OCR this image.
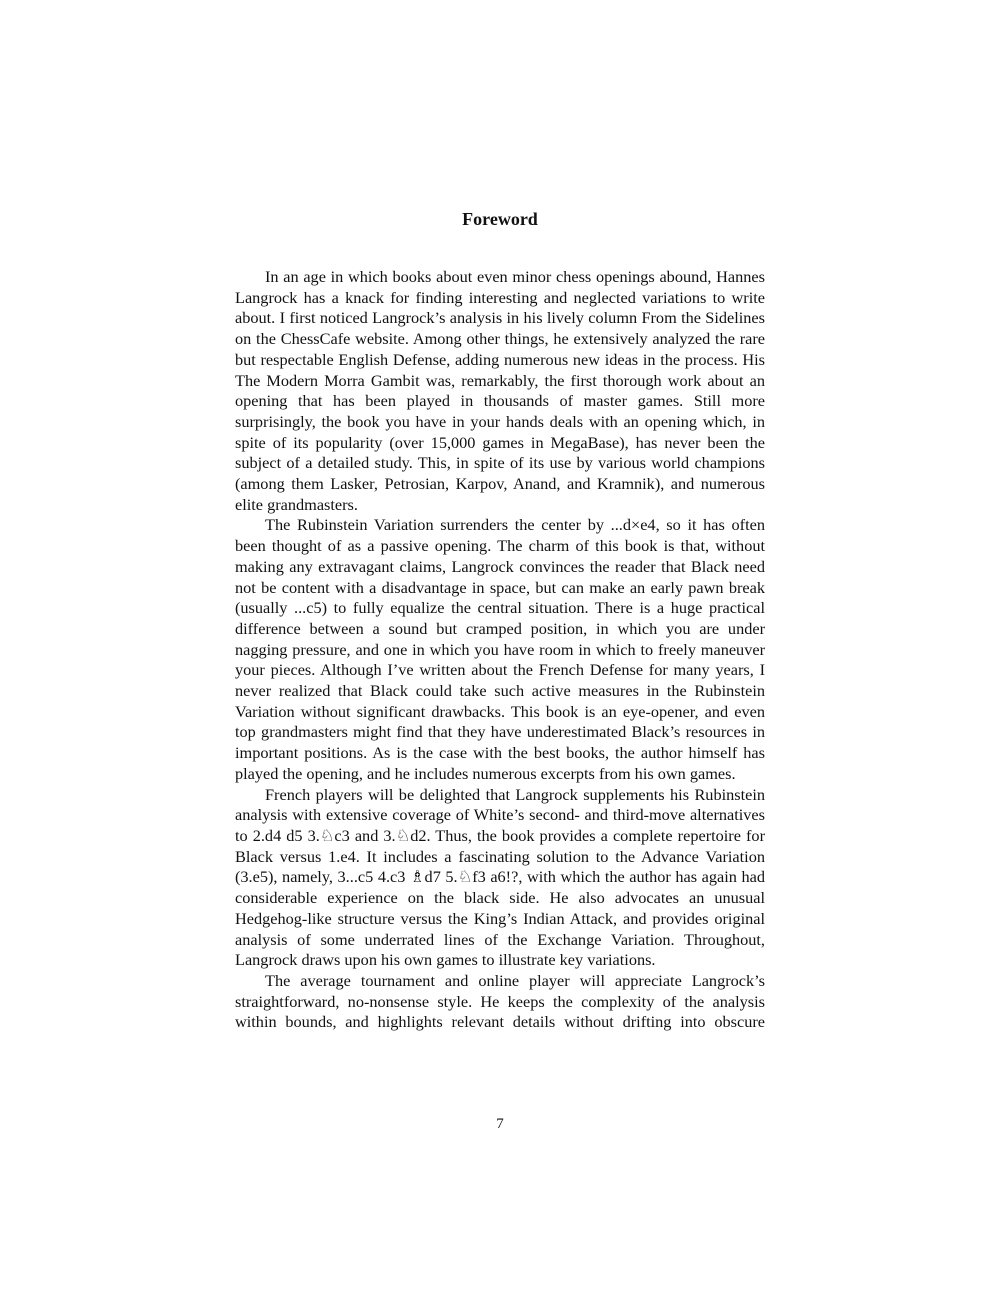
Foreword

In an age in which books about even minor chess openings abound, Hannes Langrock has a knack for finding interesting and neglected variations to write about. I first noticed Langrock’s analysis in his lively column From the Sidelines on the ChessCafe website. Among other things, he extensively analyzed the rare but respectable English Defense, adding numerous new ideas in the process. His The Modern Morra Gambit was, remarkably, the first thorough work about an opening that has been played in thousands of master games. Still more surprisingly, the book you have in your hands deals with an opening which, in spite of its popularity (over 15,000 games in MegaBase), has never been the subject of a detailed study. This, in spite of its use by various world champions (among them Lasker, Petrosian, Karpov, Anand, and Kramnik), and numerous elite grandmasters.

The Rubinstein Variation surrenders the center by ...d×e4, so it has often been thought of as a passive opening. The charm of this book is that, without making any extravagant claims, Langrock convinces the reader that Black need not be content with a disadvantage in space, but can make an early pawn break (usually ...c5) to fully equalize the central situation. There is a huge practical difference between a sound but cramped position, in which you are under nagging pressure, and one in which you have room in which to freely maneuver your pieces. Although I’ve written about the French Defense for many years, I never realized that Black could take such active measures in the Rubinstein Variation without significant drawbacks. This book is an eye-opener, and even top grandmasters might find that they have underestimated Black’s resources in important positions. As is the case with the best books, the author himself has played the opening, and he includes numerous excerpts from his own games.

French players will be delighted that Langrock supplements his Rubinstein analysis with extensive coverage of White’s second- and third-move alternatives to 2.d4 d5 3.♘c3 and 3.♘d2. Thus, the book provides a complete repertoire for Black versus 1.e4. It includes a fascinating solution to the Advance Variation (3.e5), namely, 3...c5 4.c3 ♗d7 5.♘f3 a6!?, with which the author has again had considerable experience on the black side. He also advocates an unusual Hedgehog-like structure versus the King’s Indian Attack, and provides original analysis of some underrated lines of the Exchange Variation. Throughout, Langrock draws upon his own games to illustrate key variations.

The average tournament and online player will appreciate Langrock’s straightforward, no-nonsense style. He keeps the complexity of the analysis within bounds, and highlights relevant details without drifting into obscure

7
